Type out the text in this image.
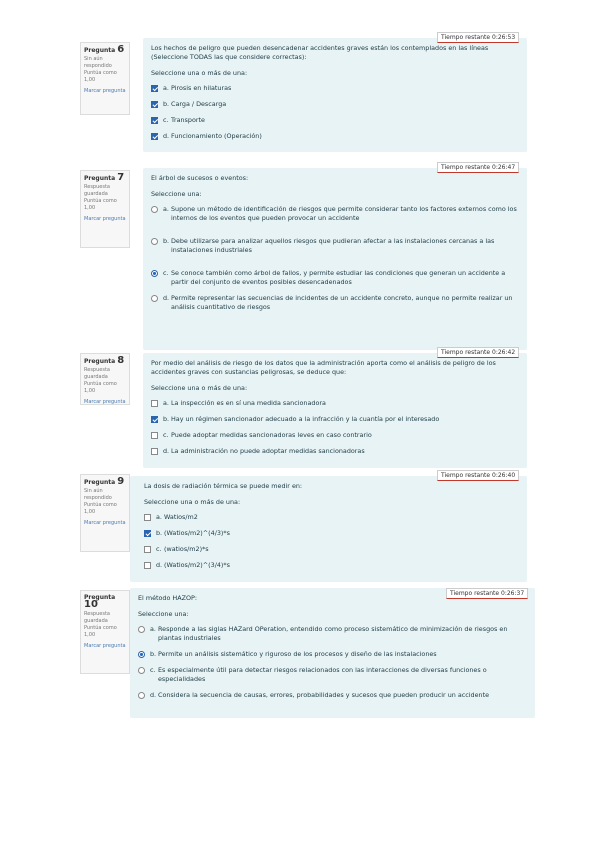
Pregunta 6
Sin aún
respondido
Puntúa como
1,00
Marcar pregunta
Los hechos de peligro que pueden desencadenar accidentes graves están los contemplados en las líneas (Seleccione TODAS las que considere correctas):
Seleccione una o más de una:
a. Pirosis en hilaturas
b. Carga / Descarga
c. Transporte
d. Funcionamiento (Operación)
Tiempo restante 0:26:53
Pregunta 7
Respuesta
guardada
Puntúa como
1,00
Marcar pregunta
El árbol de sucesos o eventos:
Seleccione una:
a. Supone un método de identificación de riesgos que permite considerar tanto los factores externos como los internos de los eventos que pueden provocar un accidente
b. Debe utilizarse para analizar aquellos riesgos que pudieran afectar a las instalaciones cercanas a las instalaciones industriales
c. Se conoce también como árbol de fallos, y permite estudiar las condiciones que generan un accidente a partir del conjunto de eventos posibles desencadenados
d. Permite representar las secuencias de incidentes de un accidente concreto, aunque no permite realizar un análisis cuantitativo de riesgos
Tiempo restante 0:26:47
Pregunta 8
Respuesta
guardada
Puntúa como
1,00
Marcar pregunta
Por medio del análisis de riesgo de los datos que la administración aporta como el análisis de peligro de los accidentes graves con sustancias peligrosas, se deduce que:
Seleccione una o más de una:
a. La inspección es en sí una medida sancionadora
b. Hay un régimen sancionador adecuado a la infracción y la cuantía por el interesado
c. Puede adoptar medidas sancionadoras leves en caso contrario
d. La administración no puede adoptar medidas sancionadoras
Tiempo restante 0:26:42
Pregunta 9
Sin aún
respondido
Puntúa como
1,00
Marcar pregunta
La dosis de radiación térmica se puede medir en:
Seleccione una o más de una:
a. Watios/m2
b. (Watios/m2)^(4/3)*s
c. (watios/m2)*s
d. (Watios/m2)^(3/4)*s
Tiempo restante 0:26:40
Pregunta 10
Respuesta
guardada
Puntúa como
1,00
Marcar pregunta
El método HAZOP:
Seleccione una:
a. Responde a las siglas HAZard OPeration, entendido como proceso sistemático de minimización de riesgos en plantas industriales
b. Permite un análisis sistemático y riguroso de los procesos y diseño de las instalaciones
c. Es especialmente útil para detectar riesgos relacionados con las interacciones de diversas funciones o especialidades
d. Considera la secuencia de causas, errores, probabilidades y sucesos que pueden producir un accidente
Tiempo restante 0:26:37
